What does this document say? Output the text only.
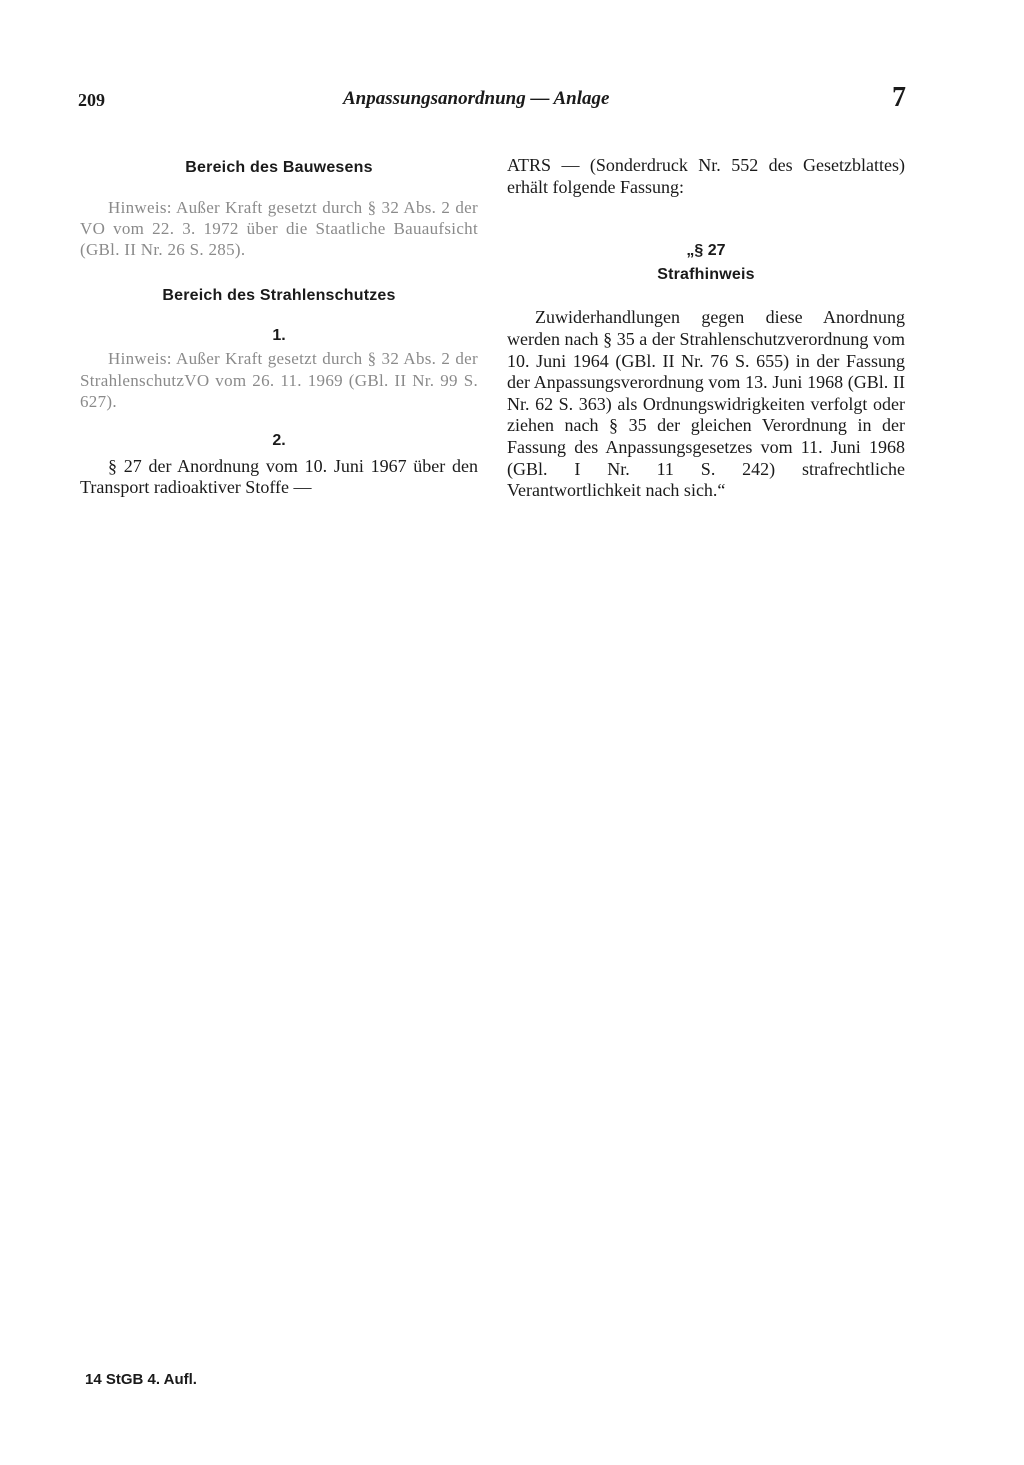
209	Anpassungsanordnung — Anlage	7
Bereich des Bauwesens
Hinweis: Außer Kraft gesetzt durch § 32 Abs. 2 der VO vom 22. 3. 1972 über die Staatliche Bauaufsicht (GBl. II Nr. 26 S. 285).
Bereich des Strahlenschutzes
1.
Hinweis: Außer Kraft gesetzt durch § 32 Abs. 2 der StrahlenschutzVO vom 26. 11. 1969 (GBl. II Nr. 99 S. 627).
2.
§ 27 der Anordnung vom 10. Juni 1967 über den Transport radioaktiver Stoffe —
ATRS — (Sonderdruck Nr. 552 des Gesetzblattes) erhält folgende Fassung:
„§ 27
Strafhinweis
Zuwiderhandlungen gegen diese Anordnung werden nach § 35 a der Strahlenschutzverordnung vom 10. Juni 1964 (GBl. II Nr. 76 S. 655) in der Fassung der Anpassungsverordnung vom 13. Juni 1968 (GBl. II Nr. 62 S. 363) als Ordnungswidrigkeiten verfolgt oder ziehen nach § 35 der gleichen Verordnung in der Fassung des Anpassungsgesetzes vom 11. Juni 1968 (GBl. I Nr. 11 S. 242) strafrechtliche Verantwortlichkeit nach sich.“
14 StGB 4. Aufl.
